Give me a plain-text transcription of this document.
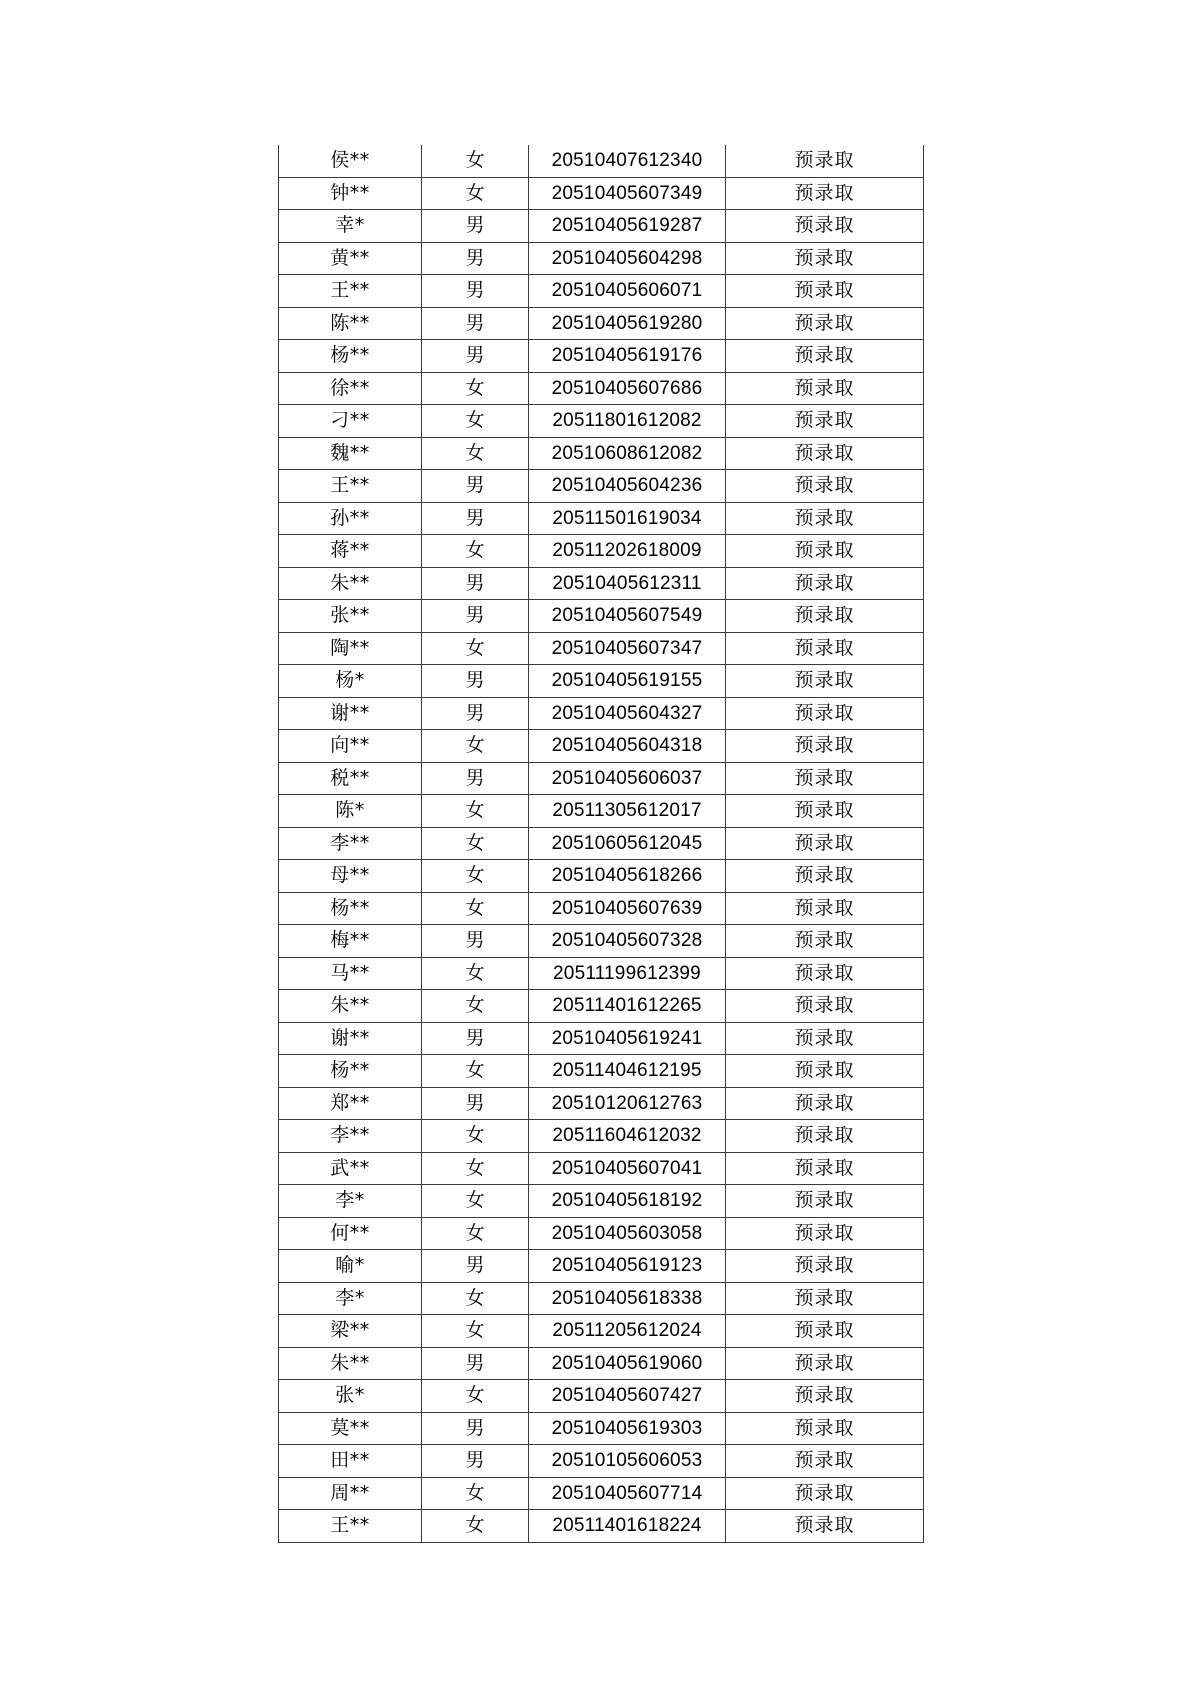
侯**	女	20510407612340	预录取
钟**	女	20510405607349	预录取
幸*	男	20510405619287	预录取
黄**	男	20510405604298	预录取
王**	男	20510405606071	预录取
陈**	男	20510405619280	预录取
杨**	男	20510405619176	预录取
徐**	女	20510405607686	预录取
刁**	女	20511801612082	预录取
魏**	女	20510608612082	预录取
王**	男	20510405604236	预录取
孙**	男	20511501619034	预录取
蒋**	女	20511202618009	预录取
朱**	男	20510405612311	预录取
张**	男	20510405607549	预录取
陶**	女	20510405607347	预录取
杨*	男	20510405619155	预录取
谢**	男	20510405604327	预录取
向**	女	20510405604318	预录取
税**	男	20510405606037	预录取
陈*	女	20511305612017	预录取
李**	女	20510605612045	预录取
母**	女	20510405618266	预录取
杨**	女	20510405607639	预录取
梅**	男	20510405607328	预录取
马**	女	20511199612399	预录取
朱**	女	20511401612265	预录取
谢**	男	20510405619241	预录取
杨**	女	20511404612195	预录取
郑**	男	20510120612763	预录取
李**	女	20511604612032	预录取
武**	女	20510405607041	预录取
李*	女	20510405618192	预录取
何**	女	20510405603058	预录取
喻*	男	20510405619123	预录取
李*	女	20510405618338	预录取
梁**	女	20511205612024	预录取
朱**	男	20510405619060	预录取
张*	女	20510405607427	预录取
莫**	男	20510405619303	预录取
田**	男	20510105606053	预录取
周**	女	20510405607714	预录取
王**	女	20511401618224	预录取
